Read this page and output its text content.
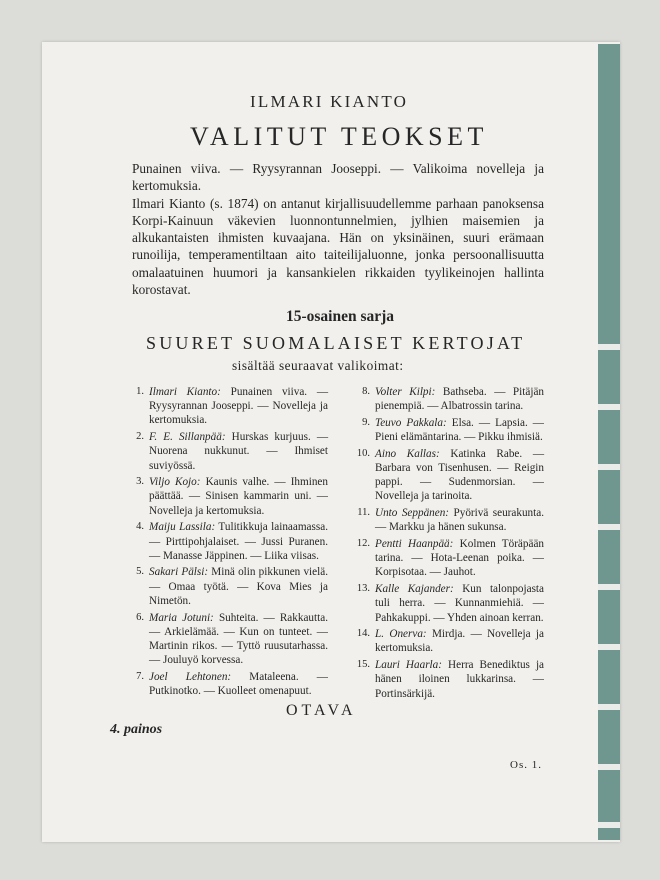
ILMARI KIANTO
VALITUT TEOKSET

Punainen viiva. — Ryysyrannan Jooseppi. — Valikoima novelleja ja kertomuksia.

Ilmari Kianto (s. 1874) on antanut kirjallisuudellemme parhaan panoksensa Korpi-Kainuun väkevien luonnontunnelmien, jylhien maisemien ja alkukantaisten ihmisten kuvaajana. Hän on yksinäinen, suuri erämaan runoilija, temperamentiltaan aito taiteilijaluonne, jonka persoonallisuutta omalaatuinen huumori ja kansankielen rikkaiden tyylikeinojen hallinta korostavat.

15-osainen sarja
SUURET SUOMALAISET KERTOJAT
sisältää seuraavat valikoimat:
1. Ilmari Kianto: Punainen viiva. — Ryysyrannan Jooseppi. — Novelleja ja kertomuksia.
2. F. E. Sillanpää: Hurskas kurjuus. — Nuorena nukkunut. — Ihmiset suviyössä.
3. Viljo Kojo: Kaunis valhe. — Ihminen päättää. — Sinisen kammarin uni. — Novelleja ja kertomuksia.
4. Maiju Lassila: Tulitikkuja lainaamassa. — Pirttipohjalaiset. — Jussi Puranen. — Manasse Jäppinen. — Liika viisas.
5. Sakari Pälsi: Minä olin pikkunen vielä. — Omaa työtä. — Kova Mies ja Nimetön.
6. Maria Jotuni: Suhteita. — Rakkautta. — Arkielämää. — Kun on tunteet. — Martinin rikos. — Tyttö ruusutarhassa. — Jouluyö korvessa.
7. Joel Lehtonen: Mataleena. — Putkinotko. — Kuolleet omenapuut.
8. Volter Kilpi: Bathseba. — Pitäjän pienempiä. — Albatrossin tarina.
9. Teuvo Pakkala: Elsa. — Lapsia. — Pieni elämäntarina. — Pikku ihmisiä.
10. Aino Kallas: Katinka Rabe. — Barbara von Tisenhusen. — Reigin pappi. — Sudenmorsian. — Novelleja ja tarinoita.
11. Unto Seppänen: Pyörivä seurakunta. — Markku ja hänen sukunsa.
12. Pentti Haanpää: Kolmen Töräpään tarina. — Hota-Leenan poika. — Korpisotaa. — Jauhot.
13. Kalle Kajander: Kun talonpojasta tuli herra. — Kunnanmiehiä. — Pahkakuppi. — Yhden ainoan kerran.
14. L. Onerva: Mirdja. — Novelleja ja kertomuksia.
15. Lauri Haarla: Herra Benediktus ja hänen iloinen lukkarinsa. — Portinsärkijä.
OTAVA
4. painos
Os. 1.
